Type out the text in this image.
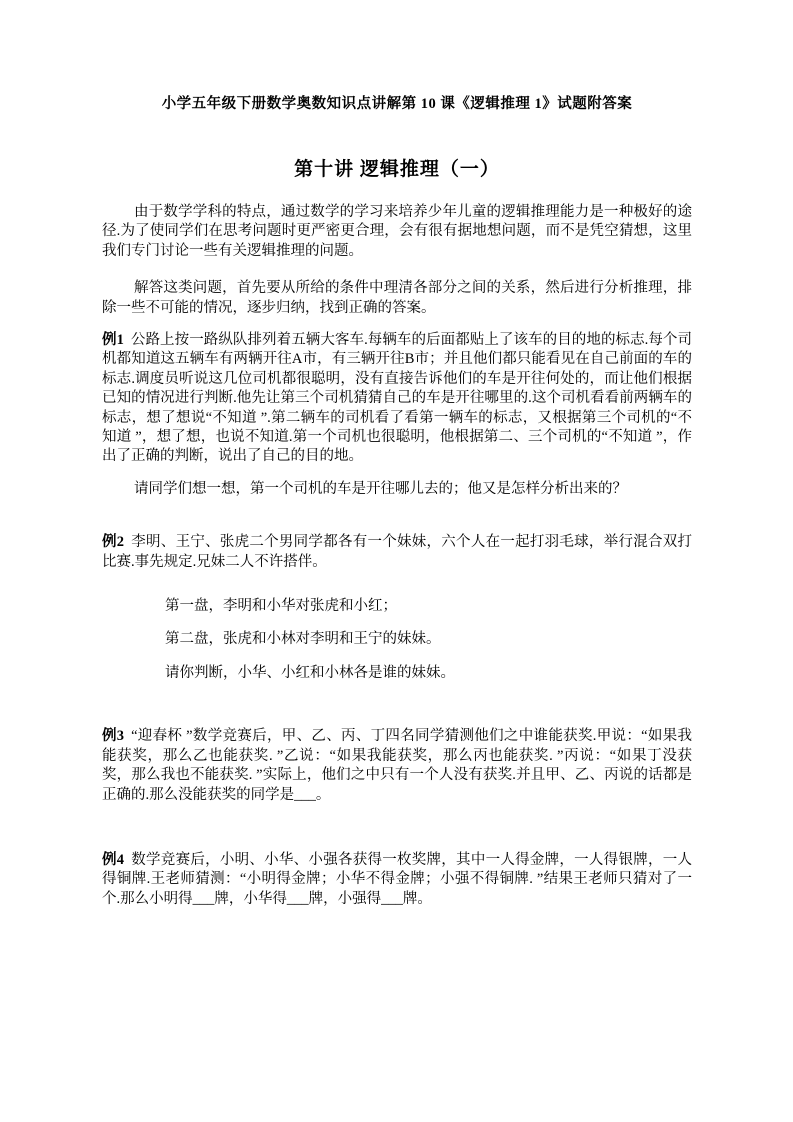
小学五年级下册数学奥数知识点讲解第 10 课《逻辑推理 1》试题附答案
第十讲 逻辑推理（一）

由于数学学科的特点，通过数学的学习来培养少年儿童的逻辑推理能力是一种极好的途径.为了使同学们在思考问题时更严密更合理，会有很有据地想问题，而不是凭空猜想，这里我们专门讨论一些有关逻辑推理的问题。

解答这类问题，首先要从所给的条件中理清各部分之间的关系，然后进行分析推理，排除一些不可能的情况，逐步归纳，找到正确的答案。

例1 公路上按一路纵队排列着五辆大客车.每辆车的后面都贴上了该车的目的地的标志.每个司机都知道这五辆车有两辆开往A市，有三辆开往B市；并且他们都只能看见在自己前面的车的标志.调度员听说这几位司机都很聪明，没有直接告诉他们的车是开往何处的，而让他们根据已知的情况进行判断.他先让第三个司机猜猜自己的车是开往哪里的.这个司机看看前两辆车的标志，想了想说“不知道 ”.第二辆车的司机看了看第一辆车的标志，又根据第三个司机的“不知道 ”，想了想，也说不知道.第一个司机也很聪明，他根据第二、三个司机的“不知道 ”，作出了正确的判断，说出了自己的目的地。

请同学们想一想，第一个司机的车是开往哪儿去的；他又是怎样分析出来的？

例2 李明、王宁、张虎二个男同学都各有一个妹妹，六个人在一起打羽毛球，举行混合双打比赛.事先规定.兄妹二人不许搭伴。

第一盘，李明和小华对张虎和小红；

第二盘，张虎和小林对李明和王宁的妹妹。

请你判断，小华、小红和小林各是谁的妹妹。

例3 “迎春杯 ”数学竞赛后，甲、乙、丙、丁四名同学猜测他们之中谁能获奖.甲说：“如果我能获奖，那么乙也能获奖. ”乙说：“如果我能获奖，那么丙也能获奖. ”丙说：“如果丁没获奖，那么我也不能获奖. ”实际上，他们之中只有一个人没有获奖.并且甲、乙、丙说的话都是正确的.那么没能获奖的同学是___。

例4 数学竞赛后，小明、小华、小强各获得一枚奖牌，其中一人得金牌，一人得银牌，一人得铜牌.王老师猜测：“小明得金牌；小华不得金牌；小强不得铜牌. ”结果王老师只猜对了一个.那么小明得___牌，小华得___牌，小强得___牌。
